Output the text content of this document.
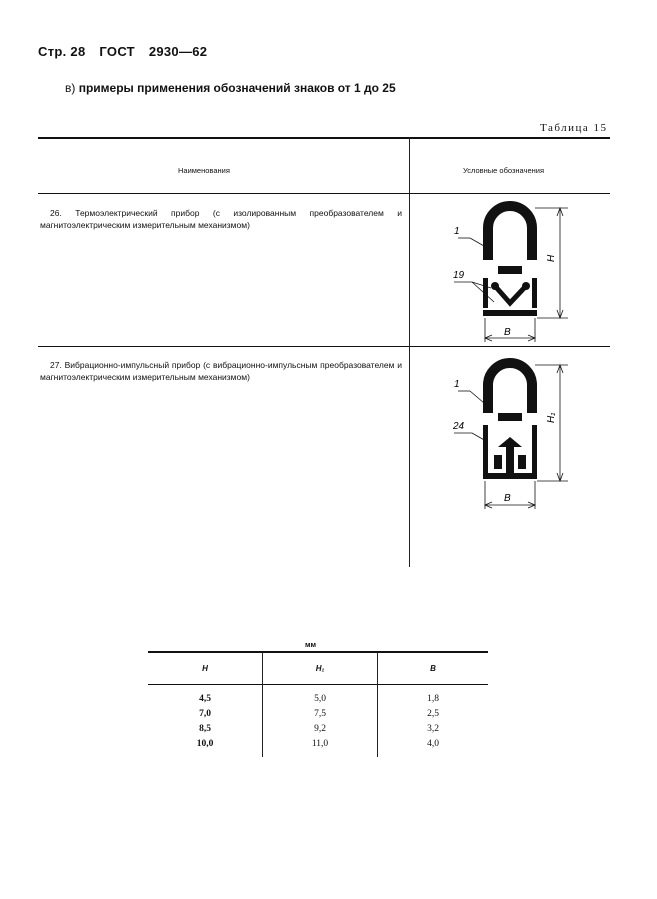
Стр. 28 ГОСТ 2930—62
в) примеры применения обозначений знаков от 1 до 25
Таблица 15
Наименования	Условные обозначения
26. Термоэлектрический прибор (с изолированным преобразователем и магнитоэлектрическим измерительным механизмом)
H
B
1
19
27. Вибрационно-импульсный прибор (с вибрационно-импульсным преобразователем и магнитоэлектрическим измерительным механизмом)
H₁
B
1
24
мм
H	H₁	B
4,5	5,0	1,8
7,0	7,5	2,5
8,5	9,2	3,2
10,0	11,0	4,0
